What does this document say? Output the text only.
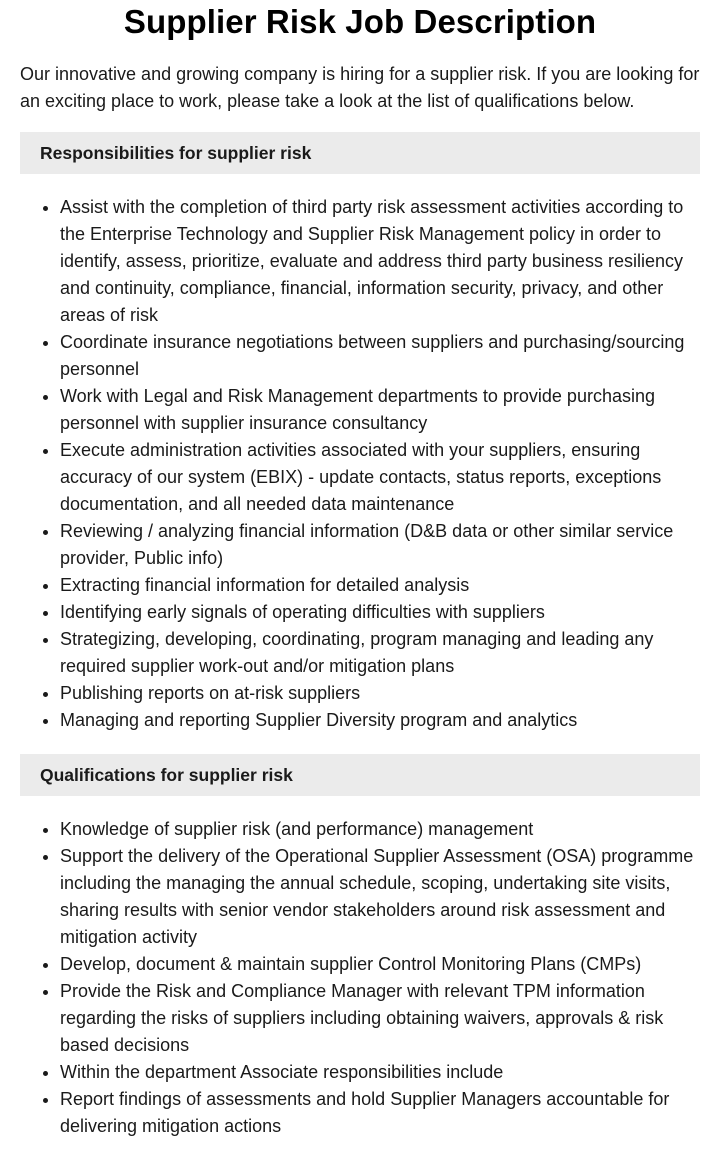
Supplier Risk Job Description

Our innovative and growing company is hiring for a supplier risk. If you are looking for an exciting place to work, please take a look at the list of qualifications below.

Responsibilities for supplier risk
• Assist with the completion of third party risk assessment activities according to the Enterprise Technology and Supplier Risk Management policy in order to identify, assess, prioritize, evaluate and address third party business resiliency and continuity, compliance, financial, information security, privacy, and other areas of risk
• Coordinate insurance negotiations between suppliers and purchasing/sourcing personnel
• Work with Legal and Risk Management departments to provide purchasing personnel with supplier insurance consultancy
• Execute administration activities associated with your suppliers, ensuring accuracy of our system (EBIX) - update contacts, status reports, exceptions documentation, and all needed data maintenance
• Reviewing / analyzing financial information (D&B data or other similar service provider, Public info)
• Extracting financial information for detailed analysis
• Identifying early signals of operating difficulties with suppliers
• Strategizing, developing, coordinating, program managing and leading any required supplier work-out and/or mitigation plans
• Publishing reports on at-risk suppliers
• Managing and reporting Supplier Diversity program and analytics
Qualifications for supplier risk
• Knowledge of supplier risk (and performance) management
• Support the delivery of the Operational Supplier Assessment (OSA) programme including the managing the annual schedule, scoping, undertaking site visits, sharing results with senior vendor stakeholders around risk assessment and mitigation activity
• Develop, document & maintain supplier Control Monitoring Plans (CMPs)
• Provide the Risk and Compliance Manager with relevant TPM information regarding the risks of suppliers including obtaining waivers, approvals & risk based decisions
• Within the department Associate responsibilities include
• Report findings of assessments and hold Supplier Managers accountable for delivering mitigation actions
